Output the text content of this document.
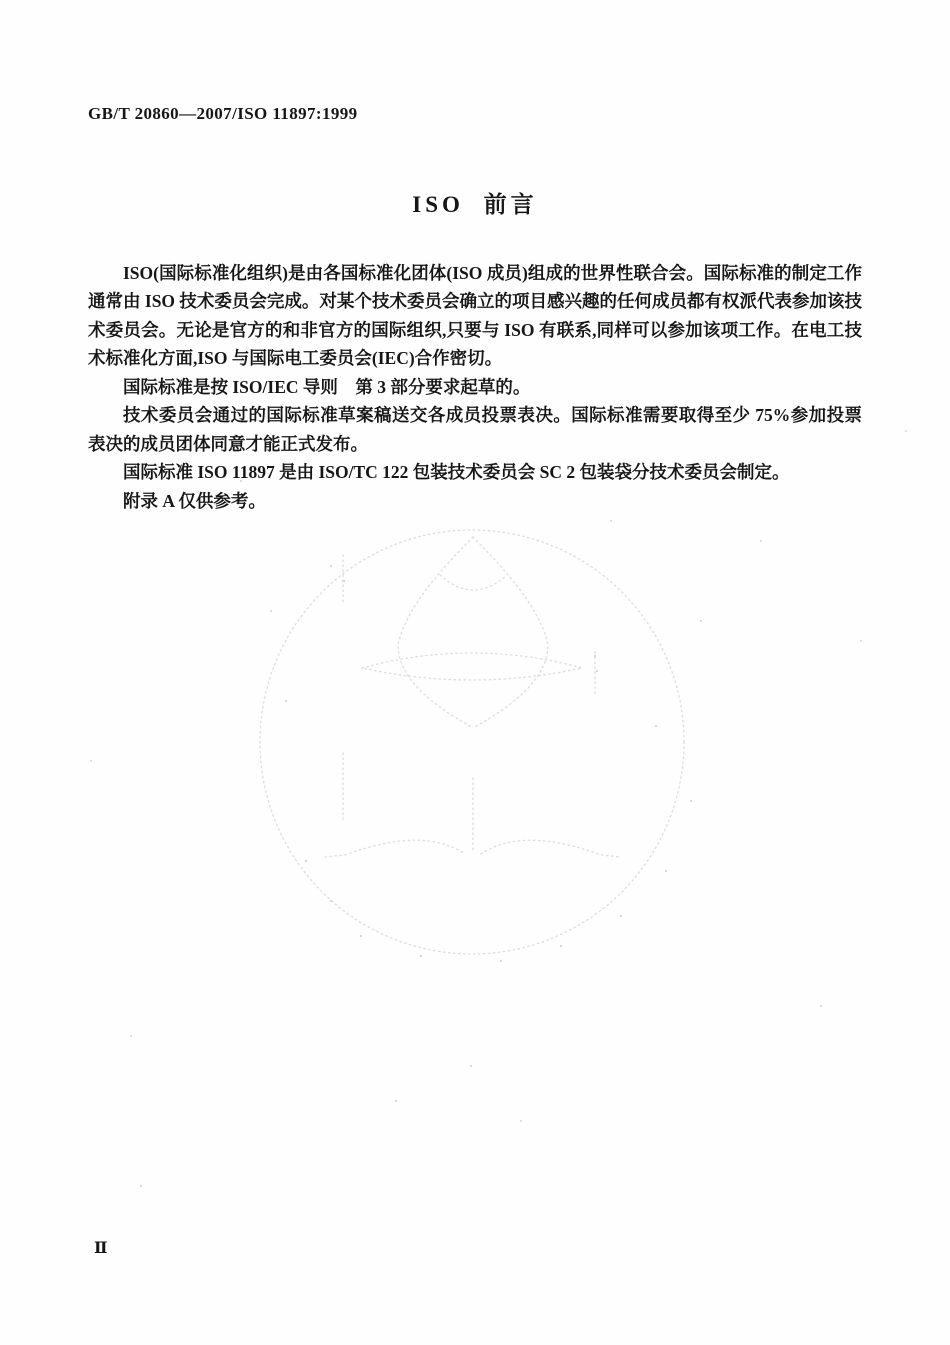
GB/T 20860—2007/ISO 11897:1999
ISO 前言

ISO(国际标准化组织)是由各国标准化团体(ISO 成员)组成的世界性联合会。国际标准的制定工作通常由 ISO 技术委员会完成。对某个技术委员会确立的项目感兴趣的任何成员都有权派代表参加该技术委员会。无论是官方的和非官方的国际组织,只要与 ISO 有联系,同样可以参加该项工作。在电工技术标准化方面,ISO 与国际电工委员会(IEC)合作密切。

国际标准是按 ISO/IEC 导则　第 3 部分要求起草的。

技术委员会通过的国际标准草案稿送交各成员投票表决。国际标准需要取得至少 75%参加投票表决的成员团体同意才能正式发布。

国际标准 ISO 11897 是由 ISO/TC 122 包装技术委员会 SC 2 包装袋分技术委员会制定。

附录 A 仅供参考。

Ⅱ
